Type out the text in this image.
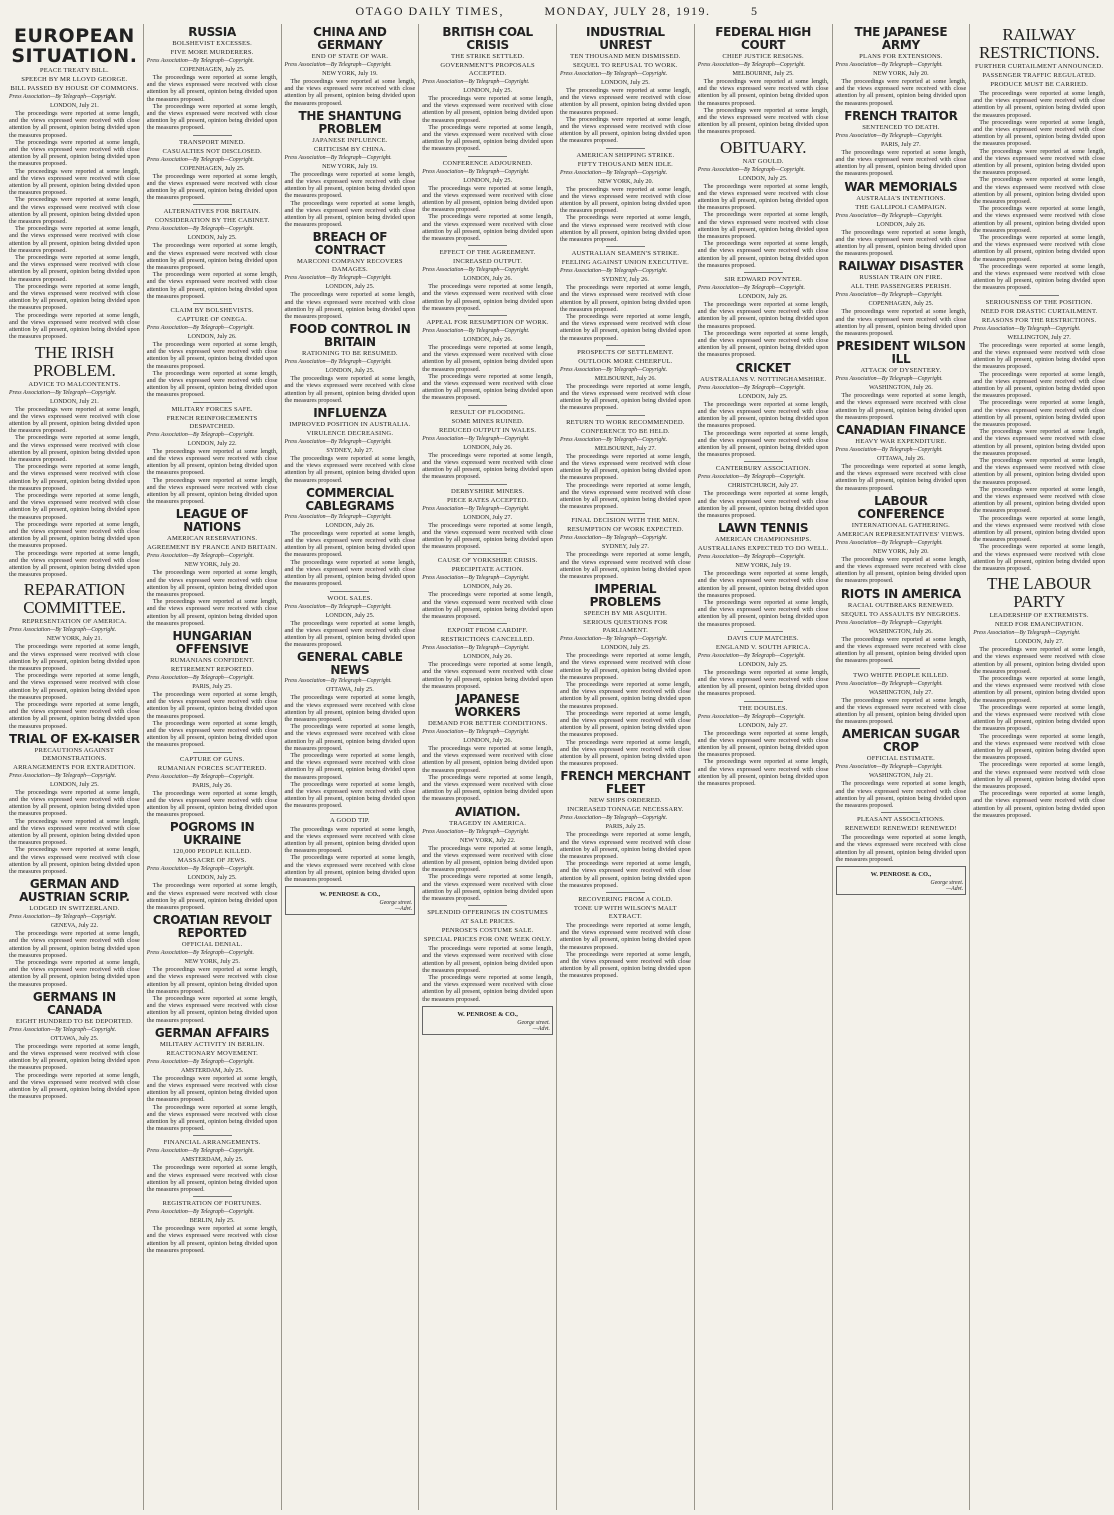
OTAGO DAILY TIMES,	MONDAY, JULY 28, 1919.	5
EUROPEAN SITUATION.
PEACE TREATY BILL.
SPEECH BY MR LLOYD GEORGE.
BILL PASSED BY HOUSE OF COMMONS.
Press Association—By Telegraph—Copyright.
LONDON, July 21.

The proceedings were reported at some length, and the views expressed were received with close attention by all present, opinion being divided upon the measures proposed.

The proceedings were reported at some length, and the views expressed were received with close attention by all present, opinion being divided upon the measures proposed.

The proceedings were reported at some length, and the views expressed were received with close attention by all present, opinion being divided upon the measures proposed.

The proceedings were reported at some length, and the views expressed were received with close attention by all present, opinion being divided upon the measures proposed.

The proceedings were reported at some length, and the views expressed were received with close attention by all present, opinion being divided upon the measures proposed.

The proceedings were reported at some length, and the views expressed were received with close attention by all present, opinion being divided upon the measures proposed.

The proceedings were reported at some length, and the views expressed were received with close attention by all present, opinion being divided upon the measures proposed.

The proceedings were reported at some length, and the views expressed were received with close attention by all present, opinion being divided upon the measures proposed.

THE IRISH PROBLEM.
ADVICE TO MALCONTENTS.
Press Association—By Telegraph—Copyright.
LONDON, July 21.

The proceedings were reported at some length, and the views expressed were received with close attention by all present, opinion being divided upon the measures proposed.

The proceedings were reported at some length, and the views expressed were received with close attention by all present, opinion being divided upon the measures proposed.

The proceedings were reported at some length, and the views expressed were received with close attention by all present, opinion being divided upon the measures proposed.

The proceedings were reported at some length, and the views expressed were received with close attention by all present, opinion being divided upon the measures proposed.

The proceedings were reported at some length, and the views expressed were received with close attention by all present, opinion being divided upon the measures proposed.

The proceedings were reported at some length, and the views expressed were received with close attention by all present, opinion being divided upon the measures proposed.

REPARATION COMMITTEE.
REPRESENTATION OF AMERICA.
Press Association—By Telegraph—Copyright.
NEW YORK, July 21.

The proceedings were reported at some length, and the views expressed were received with close attention by all present, opinion being divided upon the measures proposed.

The proceedings were reported at some length, and the views expressed were received with close attention by all present, opinion being divided upon the measures proposed.

The proceedings were reported at some length, and the views expressed were received with close attention by all present, opinion being divided upon the measures proposed.

TRIAL OF EX-KAISER
PRECAUTIONS AGAINST DEMONSTRATIONS.
ARRANGEMENTS FOR EXTRADITION.
Press Association—By Telegraph—Copyright.
LONDON, July 25.

The proceedings were reported at some length, and the views expressed were received with close attention by all present, opinion being divided upon the measures proposed.

The proceedings were reported at some length, and the views expressed were received with close attention by all present, opinion being divided upon the measures proposed.

The proceedings were reported at some length, and the views expressed were received with close attention by all present, opinion being divided upon the measures proposed.

GERMAN AND AUSTRIAN SCRIP.
LODGED IN SWITZERLAND.
Press Association—By Telegraph—Copyright.
GENEVA, July 22.

The proceedings were reported at some length, and the views expressed were received with close attention by all present, opinion being divided upon the measures proposed.

The proceedings were reported at some length, and the views expressed were received with close attention by all present, opinion being divided upon the measures proposed.

GERMANS IN CANADA
EIGHT HUNDRED TO BE DEPORTED.
Press Association—By Telegraph—Copyright.
OTTAWA, July 25.

The proceedings were reported at some length, and the views expressed were received with close attention by all present, opinion being divided upon the measures proposed.

The proceedings were reported at some length, and the views expressed were received with close attention by all present, opinion being divided upon the measures proposed.

RUSSIA
BOLSHEVIST EXCESSES.
FIVE MORE MURDERERS.
Press Association—By Telegraph—Copyright.
COPENHAGEN, July 25.

The proceedings were reported at some length, and the views expressed were received with close attention by all present, opinion being divided upon the measures proposed.

The proceedings were reported at some length, and the views expressed were received with close attention by all present, opinion being divided upon the measures proposed.

TRANSPORT MINED.
CASUALTIES NOT DISCLOSED.
Press Association—By Telegraph—Copyright.
COPENHAGEN, July 25.

The proceedings were reported at some length, and the views expressed were received with close attention by all present, opinion being divided upon the measures proposed.

ALTERNATIVES FOR BRITAIN.
CONSIDERATION BY THE CABINET.
Press Association—By Telegraph—Copyright.
LONDON, July 25.

The proceedings were reported at some length, and the views expressed were received with close attention by all present, opinion being divided upon the measures proposed.

The proceedings were reported at some length, and the views expressed were received with close attention by all present, opinion being divided upon the measures proposed.

CLAIM BY BOLSHEVISTS.
CAPTURE OF ONEGA.
Press Association—By Telegraph—Copyright.
LONDON, July 26.

The proceedings were reported at some length, and the views expressed were received with close attention by all present, opinion being divided upon the measures proposed.

The proceedings were reported at some length, and the views expressed were received with close attention by all present, opinion being divided upon the measures proposed.

MILITARY FORCES SAFE.
FRENCH REINFORCEMENTS DESPATCHED.
Press Association—By Telegraph—Copyright.
LONDON, July 22.

The proceedings were reported at some length, and the views expressed were received with close attention by all present, opinion being divided upon the measures proposed.

The proceedings were reported at some length, and the views expressed were received with close attention by all present, opinion being divided upon the measures proposed.

LEAGUE OF NATIONS
AMERICAN RESERVATIONS.
AGREEMENT BY FRANCE AND BRITAIN.
Press Association—By Telegraph—Copyright.
NEW YORK, July 20.

The proceedings were reported at some length, and the views expressed were received with close attention by all present, opinion being divided upon the measures proposed.

The proceedings were reported at some length, and the views expressed were received with close attention by all present, opinion being divided upon the measures proposed.

HUNGARIAN OFFENSIVE
RUMANIANS CONFIDENT.
RETIREMENT REPORTED.
Press Association—By Telegraph—Copyright.
PARIS, July 25.

The proceedings were reported at some length, and the views expressed were received with close attention by all present, opinion being divided upon the measures proposed.

The proceedings were reported at some length, and the views expressed were received with close attention by all present, opinion being divided upon the measures proposed.

CAPTURE OF GUNS.
RUMANIAN FORCES SCATTERED.
Press Association—By Telegraph—Copyright.
PARIS, July 26.

The proceedings were reported at some length, and the views expressed were received with close attention by all present, opinion being divided upon the measures proposed.

POGROMS IN UKRAINE
120,000 PEOPLE KILLED.
MASSACRE OF JEWS.
Press Association—By Telegraph—Copyright.
LONDON, July 25.

The proceedings were reported at some length, and the views expressed were received with close attention by all present, opinion being divided upon the measures proposed.

CROATIAN REVOLT REPORTED
OFFICIAL DENIAL.
Press Association—By Telegraph—Copyright.
NEW YORK, July 25.

The proceedings were reported at some length, and the views expressed were received with close attention by all present, opinion being divided upon the measures proposed.

The proceedings were reported at some length, and the views expressed were received with close attention by all present, opinion being divided upon the measures proposed.

GERMAN AFFAIRS
MILITARY ACTIVITY IN BERLIN.
REACTIONARY MOVEMENT.
Press Association—By Telegraph—Copyright.
AMSTERDAM, July 25.

The proceedings were reported at some length, and the views expressed were received with close attention by all present, opinion being divided upon the measures proposed.

The proceedings were reported at some length, and the views expressed were received with close attention by all present, opinion being divided upon the measures proposed.

FINANCIAL ARRANGEMENTS.
Press Association—By Telegraph—Copyright.
AMSTERDAM, July 25.

The proceedings were reported at some length, and the views expressed were received with close attention by all present, opinion being divided upon the measures proposed.

REGISTRATION OF FORTUNES.
Press Association—By Telegraph—Copyright.
BERLIN, July 25.

The proceedings were reported at some length, and the views expressed were received with close attention by all present, opinion being divided upon the measures proposed.

CHINA AND GERMANY
END OF STATE OF WAR.
Press Association—By Telegraph—Copyright.
NEW YORK, July 19.

The proceedings were reported at some length, and the views expressed were received with close attention by all present, opinion being divided upon the measures proposed.

THE SHANTUNG PROBLEM
JAPANESE INFLUENCE.
CRITICISM BY CHINA.
Press Association—By Telegraph—Copyright.
NEW YORK, July 19.

The proceedings were reported at some length, and the views expressed were received with close attention by all present, opinion being divided upon the measures proposed.

The proceedings were reported at some length, and the views expressed were received with close attention by all present, opinion being divided upon the measures proposed.

BREACH OF CONTRACT
MARCONI COMPANY RECOVERS DAMAGES.
Press Association—By Telegraph—Copyright.
LONDON, July 25.

The proceedings were reported at some length, and the views expressed were received with close attention by all present, opinion being divided upon the measures proposed.

FOOD CONTROL IN BRITAIN
RATIONING TO BE RESUMED.
Press Association—By Telegraph—Copyright.
LONDON, July 25.

The proceedings were reported at some length, and the views expressed were received with close attention by all present, opinion being divided upon the measures proposed.

INFLUENZA
IMPROVED POSITION IN AUSTRALIA.
VIRULENCE DECREASING.
Press Association—By Telegraph—Copyright.
SYDNEY, July 27.

The proceedings were reported at some length, and the views expressed were received with close attention by all present, opinion being divided upon the measures proposed.

COMMERCIAL CABLEGRAMS
Press Association—By Telegraph—Copyright.
LONDON, July 26.

The proceedings were reported at some length, and the views expressed were received with close attention by all present, opinion being divided upon the measures proposed.

The proceedings were reported at some length, and the views expressed were received with close attention by all present, opinion being divided upon the measures proposed.

WOOL SALES.
Press Association—By Telegraph—Copyright.
LONDON, July 25.

The proceedings were reported at some length, and the views expressed were received with close attention by all present, opinion being divided upon the measures proposed.

GENERAL CABLE NEWS
Press Association—By Telegraph—Copyright.
OTTAWA, July 25.

The proceedings were reported at some length, and the views expressed were received with close attention by all present, opinion being divided upon the measures proposed.

The proceedings were reported at some length, and the views expressed were received with close attention by all present, opinion being divided upon the measures proposed.

The proceedings were reported at some length, and the views expressed were received with close attention by all present, opinion being divided upon the measures proposed.

The proceedings were reported at some length, and the views expressed were received with close attention by all present, opinion being divided upon the measures proposed.

A GOOD TIP.

The proceedings were reported at some length, and the views expressed were received with close attention by all present, opinion being divided upon the measures proposed.

The proceedings were reported at some length, and the views expressed were received with close attention by all present, opinion being divided upon the measures proposed.

W. PENROSE & CO.,
George street.
—Advt.
BRITISH COAL CRISIS
THE STRIKE SETTLED.
GOVERNMENT'S PROPOSALS ACCEPTED.
Press Association—By Telegraph—Copyright.
LONDON, July 25.

The proceedings were reported at some length, and the views expressed were received with close attention by all present, opinion being divided upon the measures proposed.

The proceedings were reported at some length, and the views expressed were received with close attention by all present, opinion being divided upon the measures proposed.

CONFERENCE ADJOURNED.
Press Association—By Telegraph—Copyright.
LONDON, July 25.

The proceedings were reported at some length, and the views expressed were received with close attention by all present, opinion being divided upon the measures proposed.

The proceedings were reported at some length, and the views expressed were received with close attention by all present, opinion being divided upon the measures proposed.

EFFECT OF THE AGREEMENT.
INCREASED OUTPUT.
Press Association—By Telegraph—Copyright.
LONDON, July 26.

The proceedings were reported at some length, and the views expressed were received with close attention by all present, opinion being divided upon the measures proposed.

APPEAL FOR RESUMPTION OF WORK.
Press Association—By Telegraph—Copyright.
LONDON, July 26.

The proceedings were reported at some length, and the views expressed were received with close attention by all present, opinion being divided upon the measures proposed.

The proceedings were reported at some length, and the views expressed were received with close attention by all present, opinion being divided upon the measures proposed.

RESULT OF FLOODING.
SOME MINES RUINED.
REDUCED OUTPUT IN WALES.
Press Association—By Telegraph—Copyright.
LONDON, July 26.

The proceedings were reported at some length, and the views expressed were received with close attention by all present, opinion being divided upon the measures proposed.

DERBYSHIRE MINERS.
PIECE RATES ACCEPTED.
Press Association—By Telegraph—Copyright.
LONDON, July 27.

The proceedings were reported at some length, and the views expressed were received with close attention by all present, opinion being divided upon the measures proposed.

CAUSE OF YORKSHIRE CRISIS.
PRECIPITATE ACTION.
Press Association—By Telegraph—Copyright.
LONDON, July 26.

The proceedings were reported at some length, and the views expressed were received with close attention by all present, opinion being divided upon the measures proposed.

EXPORT FROM CARDIFF.
RESTRICTIONS CANCELLED.
Press Association—By Telegraph—Copyright.
LONDON, July 26.

The proceedings were reported at some length, and the views expressed were received with close attention by all present, opinion being divided upon the measures proposed.

JAPANESE WORKERS
DEMAND FOR BETTER CONDITIONS.
Press Association—By Telegraph—Copyright.
LONDON, July 26.

The proceedings were reported at some length, and the views expressed were received with close attention by all present, opinion being divided upon the measures proposed.

The proceedings were reported at some length, and the views expressed were received with close attention by all present, opinion being divided upon the measures proposed.

AVIATION.
TRAGEDY IN AMERICA.
Press Association—By Telegraph—Copyright.
NEW YORK, July 22.

The proceedings were reported at some length, and the views expressed were received with close attention by all present, opinion being divided upon the measures proposed.

The proceedings were reported at some length, and the views expressed were received with close attention by all present, opinion being divided upon the measures proposed.

SPLENDID OFFERINGS IN COSTUMES
AT SALE PRICES.
PENROSE'S COSTUME SALE.
SPECIAL PRICES FOR ONE WEEK ONLY.

The proceedings were reported at some length, and the views expressed were received with close attention by all present, opinion being divided upon the measures proposed.

The proceedings were reported at some length, and the views expressed were received with close attention by all present, opinion being divided upon the measures proposed.

W. PENROSE & CO.,
George street.
—Advt.
INDUSTRIAL UNREST
TEN THOUSAND MEN DISMISSED.
SEQUEL TO REFUSAL TO WORK.
Press Association—By Telegraph—Copyright.
LONDON, July 25.

The proceedings were reported at some length, and the views expressed were received with close attention by all present, opinion being divided upon the measures proposed.

The proceedings were reported at some length, and the views expressed were received with close attention by all present, opinion being divided upon the measures proposed.

AMERICAN SHIPPING STRIKE.
FIFTY THOUSAND MEN IDLE.
Press Association—By Telegraph—Copyright.
NEW YORK, July 20.

The proceedings were reported at some length, and the views expressed were received with close attention by all present, opinion being divided upon the measures proposed.

The proceedings were reported at some length, and the views expressed were received with close attention by all present, opinion being divided upon the measures proposed.

AUSTRALIAN SEAMEN'S STRIKE.
FEELING AGAINST UNION EXECUTIVE.
Press Association—By Telegraph—Copyright.
SYDNEY, July 26.

The proceedings were reported at some length, and the views expressed were received with close attention by all present, opinion being divided upon the measures proposed.

The proceedings were reported at some length, and the views expressed were received with close attention by all present, opinion being divided upon the measures proposed.

PROSPECTS OF SETTLEMENT.
OUTLOOK MORE CHEERFUL.
Press Association—By Telegraph—Copyright.
MELBOURNE, July 26.

The proceedings were reported at some length, and the views expressed were received with close attention by all present, opinion being divided upon the measures proposed.

RETURN TO WORK RECOMMENDED.
CONFERENCE TO BE HELD.
Press Association—By Telegraph—Copyright.
MELBOURNE, July 27.

The proceedings were reported at some length, and the views expressed were received with close attention by all present, opinion being divided upon the measures proposed.

The proceedings were reported at some length, and the views expressed were received with close attention by all present, opinion being divided upon the measures proposed.

FINAL DECISION WITH THE MEN.
RESUMPTION OF WORK EXPECTED.
Press Association—By Telegraph—Copyright.
SYDNEY, July 27.

The proceedings were reported at some length, and the views expressed were received with close attention by all present, opinion being divided upon the measures proposed.

IMPERIAL PROBLEMS
SPEECH BY MR ASQUITH.
SERIOUS QUESTIONS FOR PARLIAMENT.
Press Association—By Telegraph—Copyright.
LONDON, July 25.

The proceedings were reported at some length, and the views expressed were received with close attention by all present, opinion being divided upon the measures proposed.

The proceedings were reported at some length, and the views expressed were received with close attention by all present, opinion being divided upon the measures proposed.

The proceedings were reported at some length, and the views expressed were received with close attention by all present, opinion being divided upon the measures proposed.

The proceedings were reported at some length, and the views expressed were received with close attention by all present, opinion being divided upon the measures proposed.

FRENCH MERCHANT FLEET
NEW SHIPS ORDERED.
INCREASED TONNAGE NECESSARY.
Press Association—By Telegraph—Copyright.
PARIS, July 25.

The proceedings were reported at some length, and the views expressed were received with close attention by all present, opinion being divided upon the measures proposed.

The proceedings were reported at some length, and the views expressed were received with close attention by all present, opinion being divided upon the measures proposed.

RECOVERING FROM A COLD.
TONE UP WITH WILSON'S MALT EXTRACT.

The proceedings were reported at some length, and the views expressed were received with close attention by all present, opinion being divided upon the measures proposed.

The proceedings were reported at some length, and the views expressed were received with close attention by all present, opinion being divided upon the measures proposed.

FEDERAL HIGH COURT
CHIEF JUSTICE RESIGNS.
Press Association—By Telegraph—Copyright.
MELBOURNE, July 25.

The proceedings were reported at some length, and the views expressed were received with close attention by all present, opinion being divided upon the measures proposed.

The proceedings were reported at some length, and the views expressed were received with close attention by all present, opinion being divided upon the measures proposed.

OBITUARY.
NAT GOULD.
Press Association—By Telegraph—Copyright.
LONDON, July 25.

The proceedings were reported at some length, and the views expressed were received with close attention by all present, opinion being divided upon the measures proposed.

The proceedings were reported at some length, and the views expressed were received with close attention by all present, opinion being divided upon the measures proposed.

The proceedings were reported at some length, and the views expressed were received with close attention by all present, opinion being divided upon the measures proposed.

SIR EDWARD POYNTER.
Press Association—By Telegraph—Copyright.
LONDON, July 26.

The proceedings were reported at some length, and the views expressed were received with close attention by all present, opinion being divided upon the measures proposed.

The proceedings were reported at some length, and the views expressed were received with close attention by all present, opinion being divided upon the measures proposed.

CRICKET
AUSTRALIANS V. NOTTINGHAMSHIRE.
Press Association—By Telegraph—Copyright.
LONDON, July 25.

The proceedings were reported at some length, and the views expressed were received with close attention by all present, opinion being divided upon the measures proposed.

The proceedings were reported at some length, and the views expressed were received with close attention by all present, opinion being divided upon the measures proposed.

CANTERBURY ASSOCIATION.
Press Association—By Telegraph—Copyright.
CHRISTCHURCH, July 27.

The proceedings were reported at some length, and the views expressed were received with close attention by all present, opinion being divided upon the measures proposed.

LAWN TENNIS
AMERICAN CHAMPIONSHIPS.
AUSTRALIANS EXPECTED TO DO WELL.
Press Association—By Telegraph—Copyright.
NEW YORK, July 19.

The proceedings were reported at some length, and the views expressed were received with close attention by all present, opinion being divided upon the measures proposed.

The proceedings were reported at some length, and the views expressed were received with close attention by all present, opinion being divided upon the measures proposed.

DAVIS CUP MATCHES.
ENGLAND V. SOUTH AFRICA.
Press Association—By Telegraph—Copyright.
LONDON, July 25.

The proceedings were reported at some length, and the views expressed were received with close attention by all present, opinion being divided upon the measures proposed.

THE DOUBLES.
Press Association—By Telegraph—Copyright.
LONDON, July 27.

The proceedings were reported at some length, and the views expressed were received with close attention by all present, opinion being divided upon the measures proposed.

The proceedings were reported at some length, and the views expressed were received with close attention by all present, opinion being divided upon the measures proposed.

THE JAPANESE ARMY
PLANS FOR EXTENSIONS.
Press Association—By Telegraph—Copyright.
NEW YORK, July 20.

The proceedings were reported at some length, and the views expressed were received with close attention by all present, opinion being divided upon the measures proposed.

FRENCH TRAITOR
SENTENCED TO DEATH.
Press Association—By Telegraph—Copyright.
PARIS, July 27.

The proceedings were reported at some length, and the views expressed were received with close attention by all present, opinion being divided upon the measures proposed.

WAR MEMORIALS
AUSTRALIA'S INTENTIONS.
THE GALLIPOLI CAMPAIGN.
Press Association—By Telegraph—Copyright.
LONDON, July 26.

The proceedings were reported at some length, and the views expressed were received with close attention by all present, opinion being divided upon the measures proposed.

RAILWAY DISASTER
RUSSIAN TRAIN ON FIRE.
ALL THE PASSENGERS PERISH.
Press Association—By Telegraph—Copyright.
COPENHAGEN, July 25.

The proceedings were reported at some length, and the views expressed were received with close attention by all present, opinion being divided upon the measures proposed.

PRESIDENT WILSON ILL
ATTACK OF DYSENTERY.
Press Association—By Telegraph—Copyright.
WASHINGTON, July 26.

The proceedings were reported at some length, and the views expressed were received with close attention by all present, opinion being divided upon the measures proposed.

CANADIAN FINANCE
HEAVY WAR EXPENDITURE.
Press Association—By Telegraph—Copyright.
OTTAWA, July 26.

The proceedings were reported at some length, and the views expressed were received with close attention by all present, opinion being divided upon the measures proposed.

LABOUR CONFERENCE
INTERNATIONAL GATHERING.
AMERICAN REPRESENTATIVES' VIEWS.
Press Association—By Telegraph—Copyright.
NEW YORK, July 20.

The proceedings were reported at some length, and the views expressed were received with close attention by all present, opinion being divided upon the measures proposed.

RIOTS IN AMERICA
RACIAL OUTBREAKS RENEWED.
SEQUEL TO ASSAULTS BY NEGROES.
Press Association—By Telegraph—Copyright.
WASHINGTON, July 26.

The proceedings were reported at some length, and the views expressed were received with close attention by all present, opinion being divided upon the measures proposed.

TWO WHITE PEOPLE KILLED.
Press Association—By Telegraph—Copyright.
WASHINGTON, July 27.

The proceedings were reported at some length, and the views expressed were received with close attention by all present, opinion being divided upon the measures proposed.

AMERICAN SUGAR CROP
OFFICIAL ESTIMATE.
Press Association—By Telegraph—Copyright.
WASHINGTON, July 21.

The proceedings were reported at some length, and the views expressed were received with close attention by all present, opinion being divided upon the measures proposed.

PLEASANT ASSOCIATIONS.
RENEWED! RENEWED! RENEWED!

The proceedings were reported at some length, and the views expressed were received with close attention by all present, opinion being divided upon the measures proposed.

W. PENROSE & CO.,
George street.
—Advt.
RAILWAY RESTRICTIONS.
FURTHER CURTAILMENT ANNOUNCED.
PASSENGER TRAFFIC REGULATED.
PRODUCE MUST BE CARRIED.

The proceedings were reported at some length, and the views expressed were received with close attention by all present, opinion being divided upon the measures proposed.

The proceedings were reported at some length, and the views expressed were received with close attention by all present, opinion being divided upon the measures proposed.

The proceedings were reported at some length, and the views expressed were received with close attention by all present, opinion being divided upon the measures proposed.

The proceedings were reported at some length, and the views expressed were received with close attention by all present, opinion being divided upon the measures proposed.

The proceedings were reported at some length, and the views expressed were received with close attention by all present, opinion being divided upon the measures proposed.

The proceedings were reported at some length, and the views expressed were received with close attention by all present, opinion being divided upon the measures proposed.

The proceedings were reported at some length, and the views expressed were received with close attention by all present, opinion being divided upon the measures proposed.

SERIOUSNESS OF THE POSITION.
NEED FOR DRASTIC CURTAILMENT.
REASONS FOR THE RESTRICTIONS.
Press Association—By Telegraph—Copyright.
WELLINGTON, July 27.

The proceedings were reported at some length, and the views expressed were received with close attention by all present, opinion being divided upon the measures proposed.

The proceedings were reported at some length, and the views expressed were received with close attention by all present, opinion being divided upon the measures proposed.

The proceedings were reported at some length, and the views expressed were received with close attention by all present, opinion being divided upon the measures proposed.

The proceedings were reported at some length, and the views expressed were received with close attention by all present, opinion being divided upon the measures proposed.

The proceedings were reported at some length, and the views expressed were received with close attention by all present, opinion being divided upon the measures proposed.

The proceedings were reported at some length, and the views expressed were received with close attention by all present, opinion being divided upon the measures proposed.

The proceedings were reported at some length, and the views expressed were received with close attention by all present, opinion being divided upon the measures proposed.

The proceedings were reported at some length, and the views expressed were received with close attention by all present, opinion being divided upon the measures proposed.

THE LABOUR PARTY
LEADERSHIP OF EXTREMISTS.
NEED FOR EMANCIPATION.
Press Association—By Telegraph—Copyright.
LONDON, July 27.

The proceedings were reported at some length, and the views expressed were received with close attention by all present, opinion being divided upon the measures proposed.

The proceedings were reported at some length, and the views expressed were received with close attention by all present, opinion being divided upon the measures proposed.

The proceedings were reported at some length, and the views expressed were received with close attention by all present, opinion being divided upon the measures proposed.

The proceedings were reported at some length, and the views expressed were received with close attention by all present, opinion being divided upon the measures proposed.

The proceedings were reported at some length, and the views expressed were received with close attention by all present, opinion being divided upon the measures proposed.

The proceedings were reported at some length, and the views expressed were received with close attention by all present, opinion being divided upon the measures proposed.
